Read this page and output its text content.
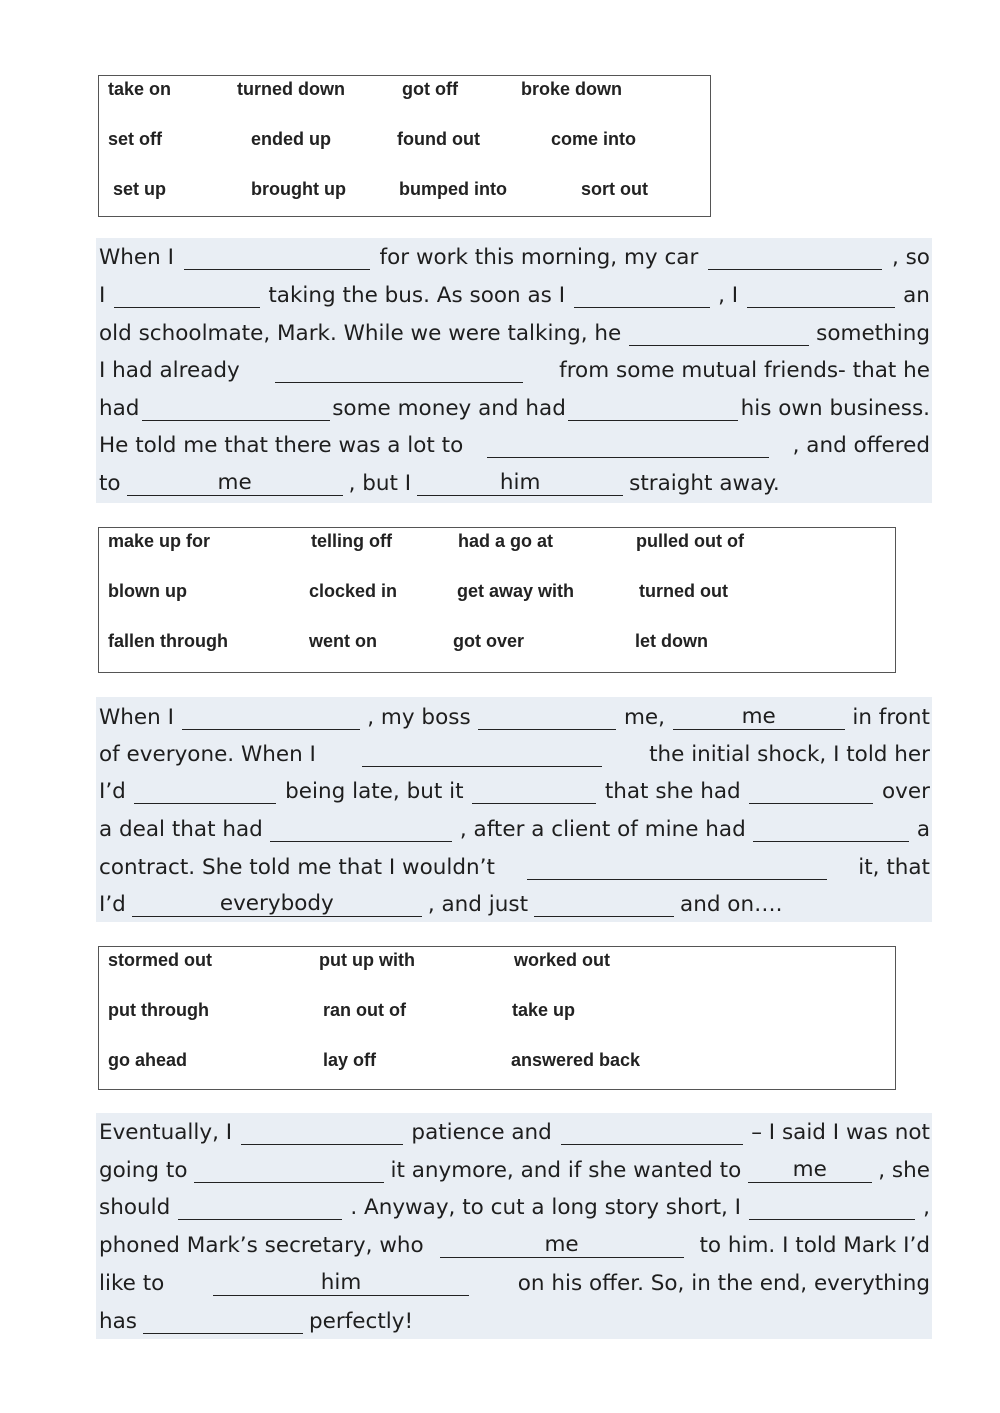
take on	turned down	got off	broke down
set off	ended up	found out	come into
set up	brought up	bumped into	sort out
When I	for work this morning, my car	, so
I	taking the bus. As soon as I	, I	an
old schoolmate, Mark. While we were talking, he	something
I had already	from some mutual friends- that he
had	some money and had	his own business.
He told me that there was a lot to	, and offered
to	me	, but I	him	straight away.
make up for	telling off	had a go at	pulled out of
blown up	clocked in	get away with	turned out
fallen through	went on	got over	let down
When I	, my boss	me,	me	in front
of everyone. When I	the initial shock, I told her
I’d	being late, but it	that she had	over
a deal that had	, after a client of mine had	a
contract. She told me that I wouldn’t	it, that
I’d	everybody	, and just	and on….
stormed out	put up with	worked out
put through	ran out of	take up
go ahead	lay off	answered back
Eventually, I	patience and	– I said I was not
going to	it anymore, and if she wanted to	me	, she
should	. Anyway, to cut a long story short, I	,
phoned Mark’s secretary, who	me	to him. I told Mark I’d
like to	him	on his offer. So, in the end, everything
has	perfectly!
